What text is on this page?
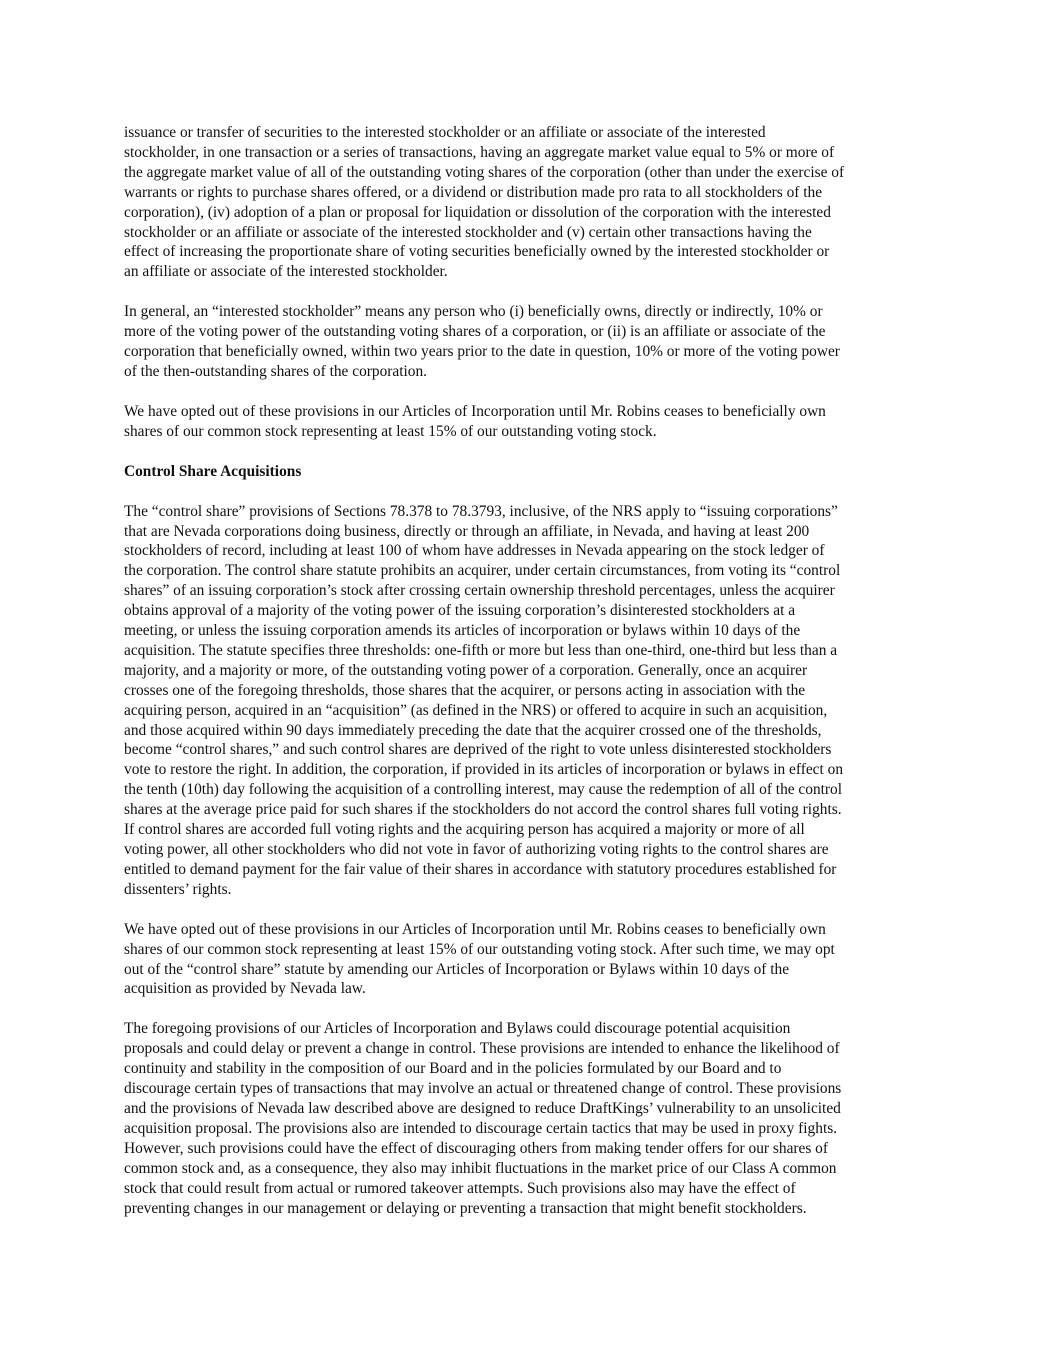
issuance or transfer of securities to the interested stockholder or an affiliate or associate of the interested
stockholder, in one transaction or a series of transactions, having an aggregate market value equal to 5% or more of
the aggregate market value of all of the outstanding voting shares of the corporation (other than under the exercise of
warrants or rights to purchase shares offered, or a dividend or distribution made pro rata to all stockholders of the
corporation), (iv) adoption of a plan or proposal for liquidation or dissolution of the corporation with the interested
stockholder or an affiliate or associate of the interested stockholder and (v) certain other transactions having the
effect of increasing the proportionate share of voting securities beneficially owned by the interested stockholder or
an affiliate or associate of the interested stockholder.

In general, an “interested stockholder” means any person who (i) beneficially owns, directly or indirectly, 10% or
more of the voting power of the outstanding voting shares of a corporation, or (ii) is an affiliate or associate of the
corporation that beneficially owned, within two years prior to the date in question, 10% or more of the voting power
of the then-outstanding shares of the corporation.

We have opted out of these provisions in our Articles of Incorporation until Mr. Robins ceases to beneficially own
shares of our common stock representing at least 15% of our outstanding voting stock.

Control Share Acquisitions

The “control share” provisions of Sections 78.378 to 78.3793, inclusive, of the NRS apply to “issuing corporations”
that are Nevada corporations doing business, directly or through an affiliate, in Nevada, and having at least 200
stockholders of record, including at least 100 of whom have addresses in Nevada appearing on the stock ledger of
the corporation. The control share statute prohibits an acquirer, under certain circumstances, from voting its “control
shares” of an issuing corporation’s stock after crossing certain ownership threshold percentages, unless the acquirer
obtains approval of a majority of the voting power of the issuing corporation’s disinterested stockholders at a
meeting, or unless the issuing corporation amends its articles of incorporation or bylaws within 10 days of the
acquisition. The statute specifies three thresholds: one-fifth or more but less than one-third, one-third but less than a
majority, and a majority or more, of the outstanding voting power of a corporation. Generally, once an acquirer
crosses one of the foregoing thresholds, those shares that the acquirer, or persons acting in association with the
acquiring person, acquired in an “acquisition” (as defined in the NRS) or offered to acquire in such an acquisition,
and those acquired within 90 days immediately preceding the date that the acquirer crossed one of the thresholds,
become “control shares,” and such control shares are deprived of the right to vote unless disinterested stockholders
vote to restore the right. In addition, the corporation, if provided in its articles of incorporation or bylaws in effect on
the tenth (10th) day following the acquisition of a controlling interest, may cause the redemption of all of the control
shares at the average price paid for such shares if the stockholders do not accord the control shares full voting rights.
If control shares are accorded full voting rights and the acquiring person has acquired a majority or more of all
voting power, all other stockholders who did not vote in favor of authorizing voting rights to the control shares are
entitled to demand payment for the fair value of their shares in accordance with statutory procedures established for
dissenters’ rights.

We have opted out of these provisions in our Articles of Incorporation until Mr. Robins ceases to beneficially own
shares of our common stock representing at least 15% of our outstanding voting stock. After such time, we may opt
out of the “control share” statute by amending our Articles of Incorporation or Bylaws within 10 days of the
acquisition as provided by Nevada law.

The foregoing provisions of our Articles of Incorporation and Bylaws could discourage potential acquisition
proposals and could delay or prevent a change in control. These provisions are intended to enhance the likelihood of
continuity and stability in the composition of our Board and in the policies formulated by our Board and to
discourage certain types of transactions that may involve an actual or threatened change of control. These provisions
and the provisions of Nevada law described above are designed to reduce DraftKings’ vulnerability to an unsolicited
acquisition proposal. The provisions also are intended to discourage certain tactics that may be used in proxy fights.
However, such provisions could have the effect of discouraging others from making tender offers for our shares of
common stock and, as a consequence, they also may inhibit fluctuations in the market price of our Class A common
stock that could result from actual or rumored takeover attempts. Such provisions also may have the effect of
preventing changes in our management or delaying or preventing a transaction that might benefit stockholders.
